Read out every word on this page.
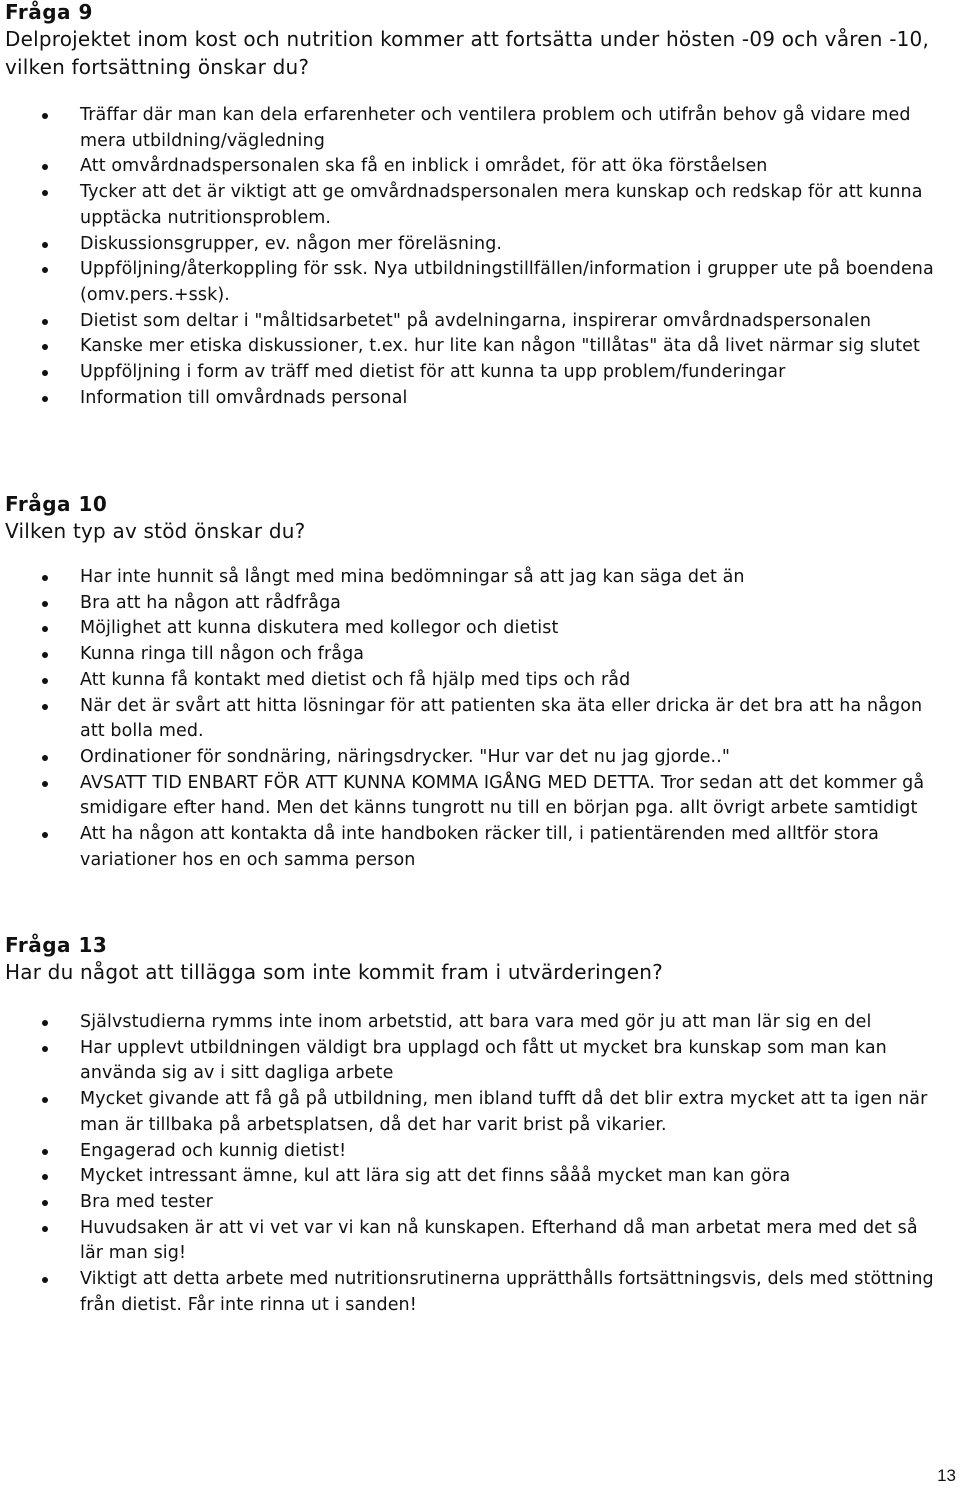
Fråga 9

Delprojektet inom kost och nutrition kommer att fortsätta under hösten -09 och våren -10, vilken fortsättning önskar du?

Träffar där man kan dela erfarenheter och ventilera problem och utifrån behov gå vidare med mera utbildning/vägledning
Att omvårdnadspersonalen ska få en inblick i området, för att öka förståelsen
Tycker att det är viktigt att ge omvårdnadspersonalen mera kunskap och redskap för att kunna upptäcka nutritionsproblem.
Diskussionsgrupper, ev. någon mer föreläsning.
Uppföljning/återkoppling för ssk. Nya utbildningstillfällen/information i grupper ute på boendena (omv.pers.+ssk).
Dietist som deltar i "måltidsarbetet" på avdelningarna, inspirerar omvårdnadspersonalen
Kanske mer etiska diskussioner, t.ex. hur lite kan någon "tillåtas" äta då livet närmar sig slutet
Uppföljning i form av träff med dietist för att kunna ta upp problem/funderingar
Information till omvårdnads personal
Fråga 10

Vilken typ av stöd önskar du?

Har inte hunnit så långt med mina bedömningar så att jag kan säga det än
Bra att ha någon att rådfråga
Möjlighet att kunna diskutera med kollegor och dietist
Kunna ringa till någon och fråga
Att kunna få kontakt med dietist och få hjälp med tips och råd
När det är svårt att hitta lösningar för att patienten ska äta eller dricka är det bra att ha någon att bolla med.
Ordinationer för sondnäring, näringsdrycker. "Hur var det nu jag gjorde.."
AVSATT TID ENBART FÖR ATT KUNNA KOMMA IGÅNG MED DETTA. Tror sedan att det kommer gå smidigare efter hand. Men det känns tungrott nu till en början pga. allt övrigt arbete samtidigt
Att ha någon att kontakta då inte handboken räcker till, i patientärenden med alltför stora variationer hos en och samma person
Fråga 13

Har du något att tillägga som inte kommit fram i utvärderingen?

Självstudierna rymms inte inom arbetstid, att bara vara med gör ju att man lär sig en del
Har upplevt utbildningen väldigt bra upplagd och fått ut mycket bra kunskap som man kan använda sig av i sitt dagliga arbete
Mycket givande att få gå på utbildning, men ibland tufft då det blir extra mycket att ta igen när man är tillbaka på arbetsplatsen, då det har varit brist på vikarier.
Engagerad och kunnig dietist!
Mycket intressant ämne, kul att lära sig att det finns sååå mycket man kan göra
Bra med tester
Huvudsaken är att vi vet var vi kan nå kunskapen. Efterhand då man arbetat mera med det så lär man sig!
Viktigt att detta arbete med nutritionsrutinerna upprätthålls fortsättningsvis, dels med stöttning från dietist. Får inte rinna ut i sanden!
13
